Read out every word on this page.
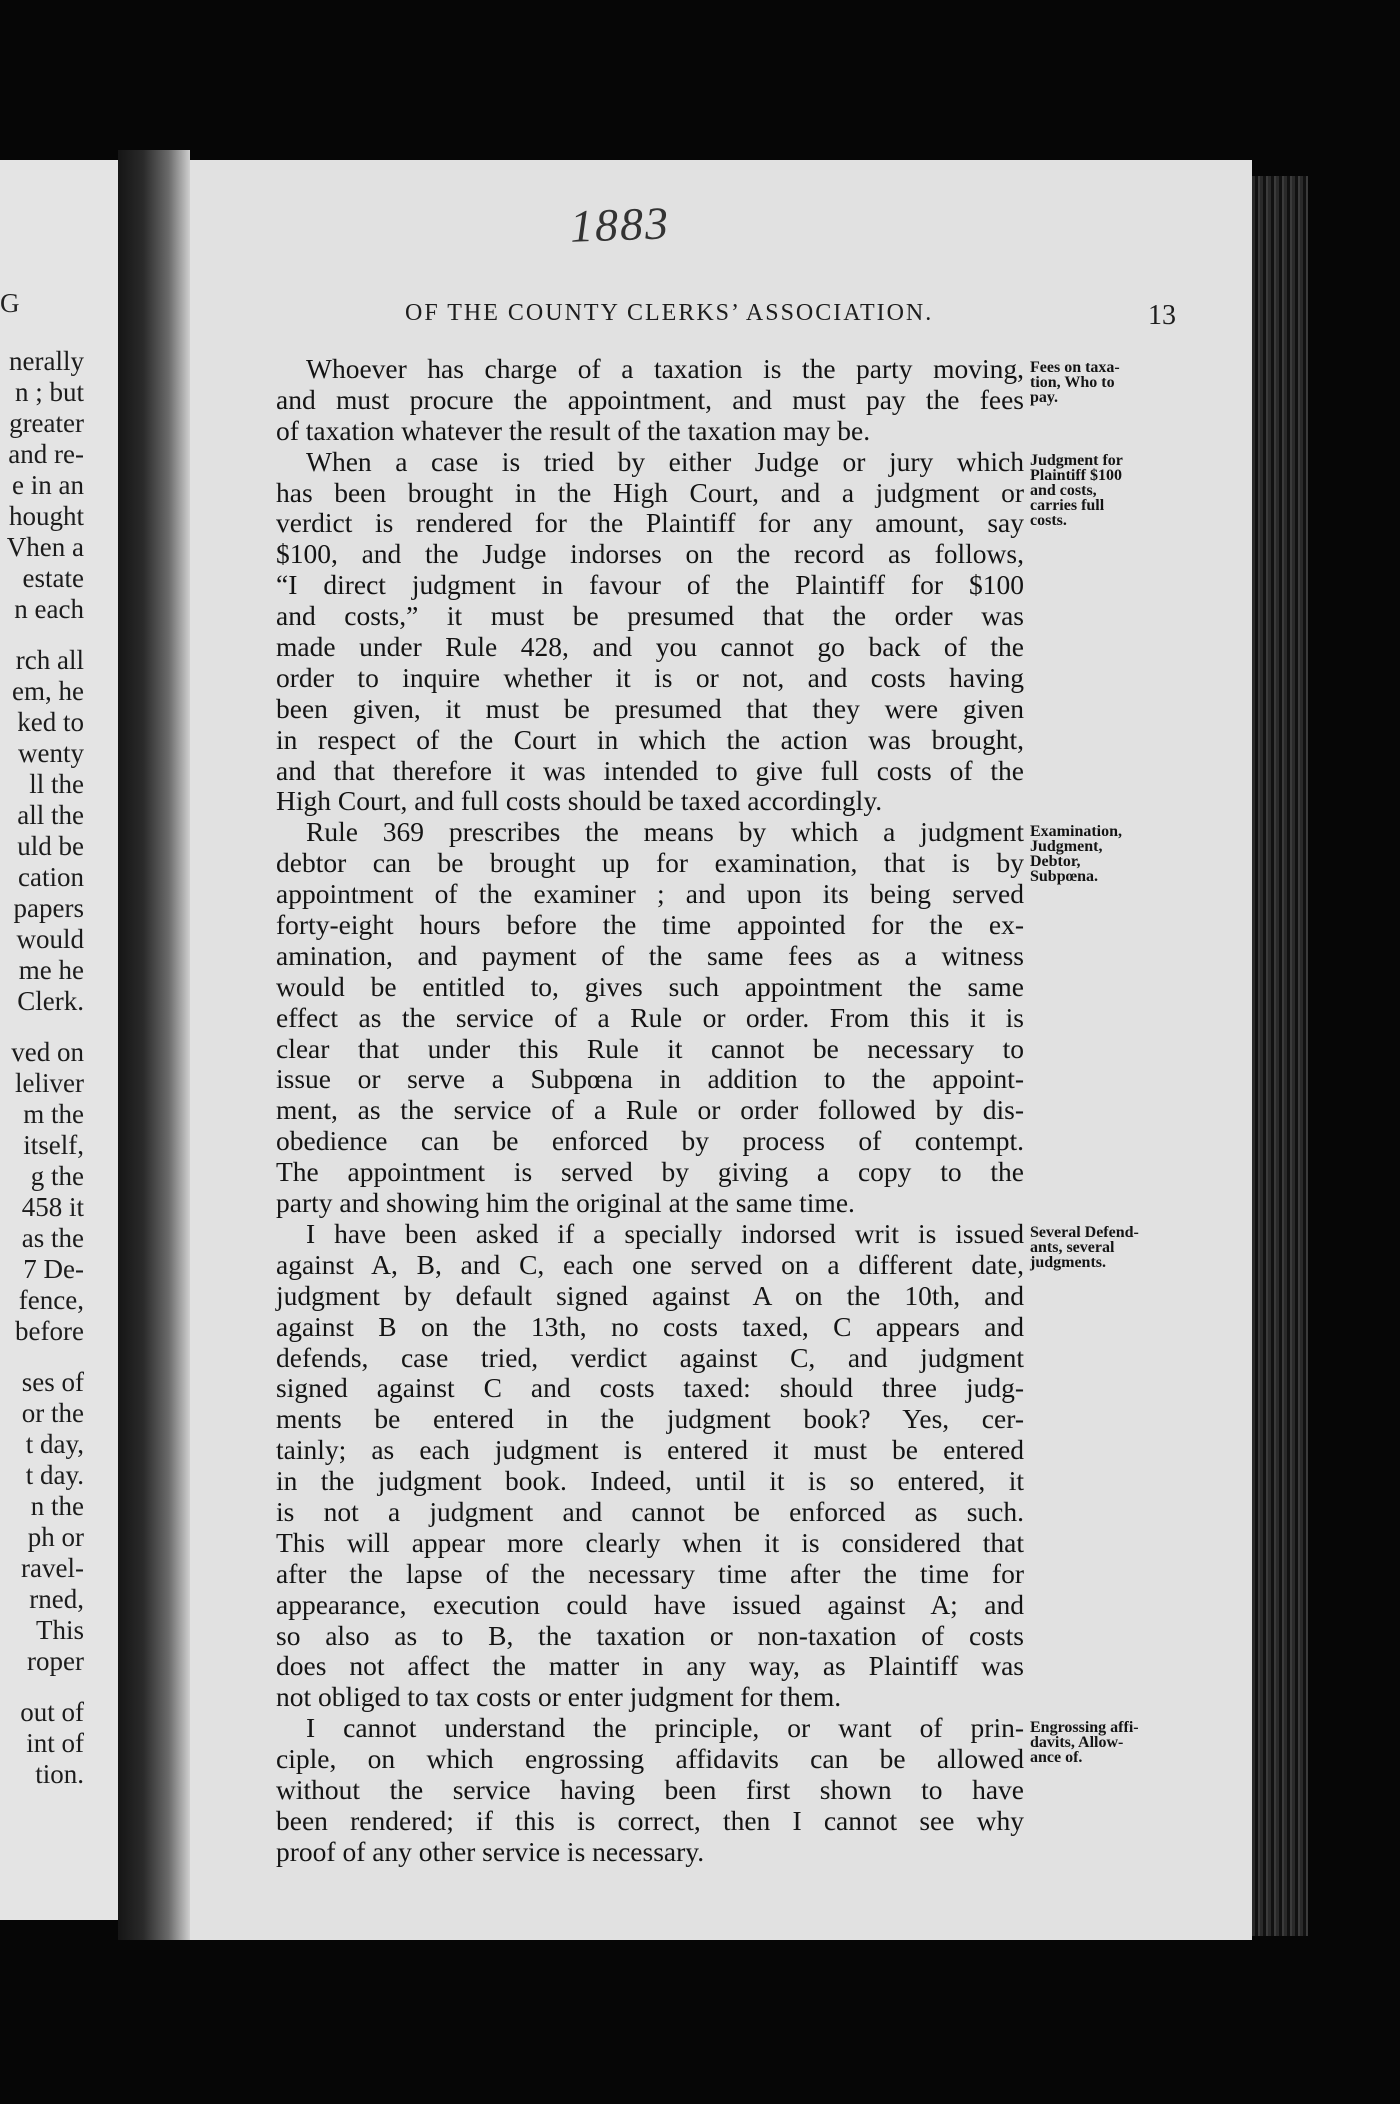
G
nerally
n ; but
greater
and re-
e in an
hought
Vhen a
estate
n each
rch all
em, he
ked to
wenty
ll the
all the
uld be
cation
papers
would
me he
Clerk.
ved on
leliver
m the
itself,
g the
458 it
as the
7 De-
fence,
before
ses of
or the
t day,
t day.
n the
ph or
ravel-
rned,
This
roper
out of
int of
tion.
1883
OF THE COUNTY CLERKS’ ASSOCIATION.	13
Whoever has charge of a taxation is the party moving,
and must procure the appointment, and must pay the fees
of taxation whatever the result of the taxation may be.
When a case is tried by either Judge or jury which
has been brought in the High Court, and a judgment or
verdict is rendered for the Plaintiff for any amount, say
$100, and the Judge indorses on the record as follows,
“I direct judgment in favour of the Plaintiff for $100
and costs,” it must be presumed that the order was
made under Rule 428, and you cannot go back of the
order to inquire whether it is or not, and costs having
been given, it must be presumed that they were given
in respect of the Court in which the action was brought,
and that therefore it was intended to give full costs of the
High Court, and full costs should be taxed accordingly.
Rule 369 prescribes the means by which a judgment
debtor can be brought up for examination, that is by
appointment of the examiner ; and upon its being served
forty-eight hours before the time appointed for the ex-
amination, and payment of the same fees as a witness
would be entitled to, gives such appointment the same
effect as the service of a Rule or order. From this it is
clear that under this Rule it cannot be necessary to
issue or serve a Subpœna in addition to the appoint-
ment, as the service of a Rule or order followed by dis-
obedience can be enforced by process of contempt.
The appointment is served by giving a copy to the
party and showing him the original at the same time.
I have been asked if a specially indorsed writ is issued
against A, B, and C, each one served on a different date,
judgment by default signed against A on the 10th, and
against B on the 13th, no costs taxed, C appears and
defends, case tried, verdict against C, and judgment
signed against C and costs taxed: should three judg-
ments be entered in the judgment book? Yes, cer-
tainly; as each judgment is entered it must be entered
in the judgment book. Indeed, until it is so entered, it
is not a judgment and cannot be enforced as such.
This will appear more clearly when it is considered that
after the lapse of the necessary time after the time for
appearance, execution could have issued against A; and
so also as to B, the taxation or non-taxation of costs
does not affect the matter in any way, as Plaintiff was
not obliged to tax costs or enter judgment for them.
I cannot understand the principle, or want of prin-
ciple, on which engrossing affidavits can be allowed
without the service having been first shown to have
been rendered; if this is correct, then I cannot see why
proof of any other service is necessary.
Fees on taxa-
tion, Who to
pay.
Judgment for
Plaintiff $100
and costs,
carries full
costs.
Examination,
Judgment,
Debtor,
Subpœna.
Several Defend-
ants, several
judgments.
Engrossing affi-
davits, Allow-
ance of.
